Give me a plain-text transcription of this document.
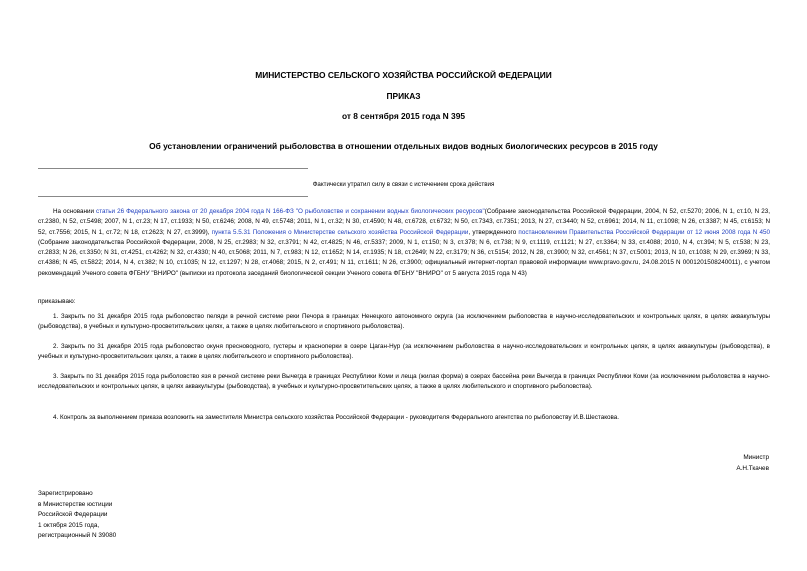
МИНИСТЕРСТВО СЕЛЬСКОГО ХОЗЯЙСТВА РОССИЙСКОЙ ФЕДЕРАЦИИ
ПРИКАЗ
от 8 сентября 2015 года N 395
Об установлении ограничений рыболовства в отношении отдельных видов водных биологических ресурсов в 2015 году
Фактически утратил силу в связи с истечением срока действия
На основании статьи 26 Федерального закона от 20 декабря 2004 года N 166-ФЗ "О рыболовстве и сохранении водных биологических ресурсов"(Собрание законодательства Российской Федерации, 2004, N 52, ст.5270; 2006, N 1, ст.10, N 23, ст.2380, N 52, ст.5498; 2007, N 1, ст.23; N 17, ст.1933; N 50, ст.6246; 2008, N 49, ст.5748; 2011, N 1, ст.32; N 30, ст.4590; N 48, ст.6728, ст.6732; N 50, ст.7343, ст.7351; 2013, N 27, ст.3440; N 52, ст.6961; 2014, N 11, ст.1098; N 26, ст.3387; N 45, ст.6153; N 52, ст.7556; 2015, N 1, ст.72; N 18, ст.2623; N 27, ст.3999), пункта 5.5.31 Положения о Министерстве сельского хозяйства Российской Федерации, утвержденного постановлением Правительства Российской Федерации от 12 июня 2008 года N 450 (Собрание законодательства Российской Федерации, 2008, N 25, ст.2983; N 32, ст.3791; N 42, ст.4825; N 46, ст.5337; 2009, N 1, ст.150; N 3, ст.378; N 6, ст.738; N 9, ст.1119, ст.1121; N 27, ст.3364; N 33, ст.4088; 2010, N 4, ст.394; N 5, ст.538; N 23, ст.2833; N 26, ст.3350; N 31, ст.4251, ст.4262; N 32, ст.4330; N 40, ст.5068; 2011, N 7, ст.983; N 12, ст.1652; N 14, ст.1935; N 18, ст.2649; N 22, ст.3179; N 36, ст.5154; 2012, N 28, ст.3900; N 32, ст.4561; N 37, ст.5001; 2013, N 10, ст.1038; N 29, ст.3969; N 33, ст.4386; N 45, ст.5822; 2014, N 4, ст.382; N 10, ст.1035; N 12, ст.1297; N 28, ст.4068; 2015, N 2, ст.491; N 11, ст.1611; N 26, ст.3900; официальный интернет-портал правовой информации www.pravo.gov.ru, 24.08.2015 N 0001201508240011), с учетом рекомендаций Ученого совета ФГБНУ "ВНИРО" (выписки из протокола заседаний биологической секции Ученого совета ФГБНУ "ВНИРО" от 5 августа 2015 года N 43)
приказываю:
1. Закрыть по 31 декабря 2015 года рыболовство пеляди в речной системе реки Печора в границах Ненецкого автономного округа (за исключением рыболовства в научно-исследовательских и контрольных целях, в целях аквакультуры (рыбоводства), в учебных и культурно-просветительских целях, а также в целях любительского и спортивного рыболовства).
2. Закрыть по 31 декабря 2015 года рыболовство окуня пресноводного, густеры и красноперки в озере Цаган-Нур (за исключением рыболовства в научно-исследовательских и контрольных целях, в целях аквакультуры (рыбоводства), в учебных и культурно-просветительских целях, а также в целях любительского и спортивного рыболовства).
3. Закрыть по 31 декабря 2015 года рыболовство язя в речной системе реки Вычегда в границах Республики Коми и леща (жилая форма) в озерах бассейна реки Вычегда в границах Республики Коми (за исключением рыболовства в научно-исследовательских и контрольных целях, в целях аквакультуры (рыбоводства), в учебных и культурно-просветительских целях, а также в целях любительского и спортивного рыболовства).
4. Контроль за выполнением приказа возложить на заместителя Министра сельского хозяйства Российской Федерации - руководителя Федерального агентства по рыболовству И.В.Шестакова.
Министр
А.Н.Ткачев
Зарегистрировано
в Министерстве юстиции
Российской Федерации
1 октября 2015 года,
регистрационный N 39080
